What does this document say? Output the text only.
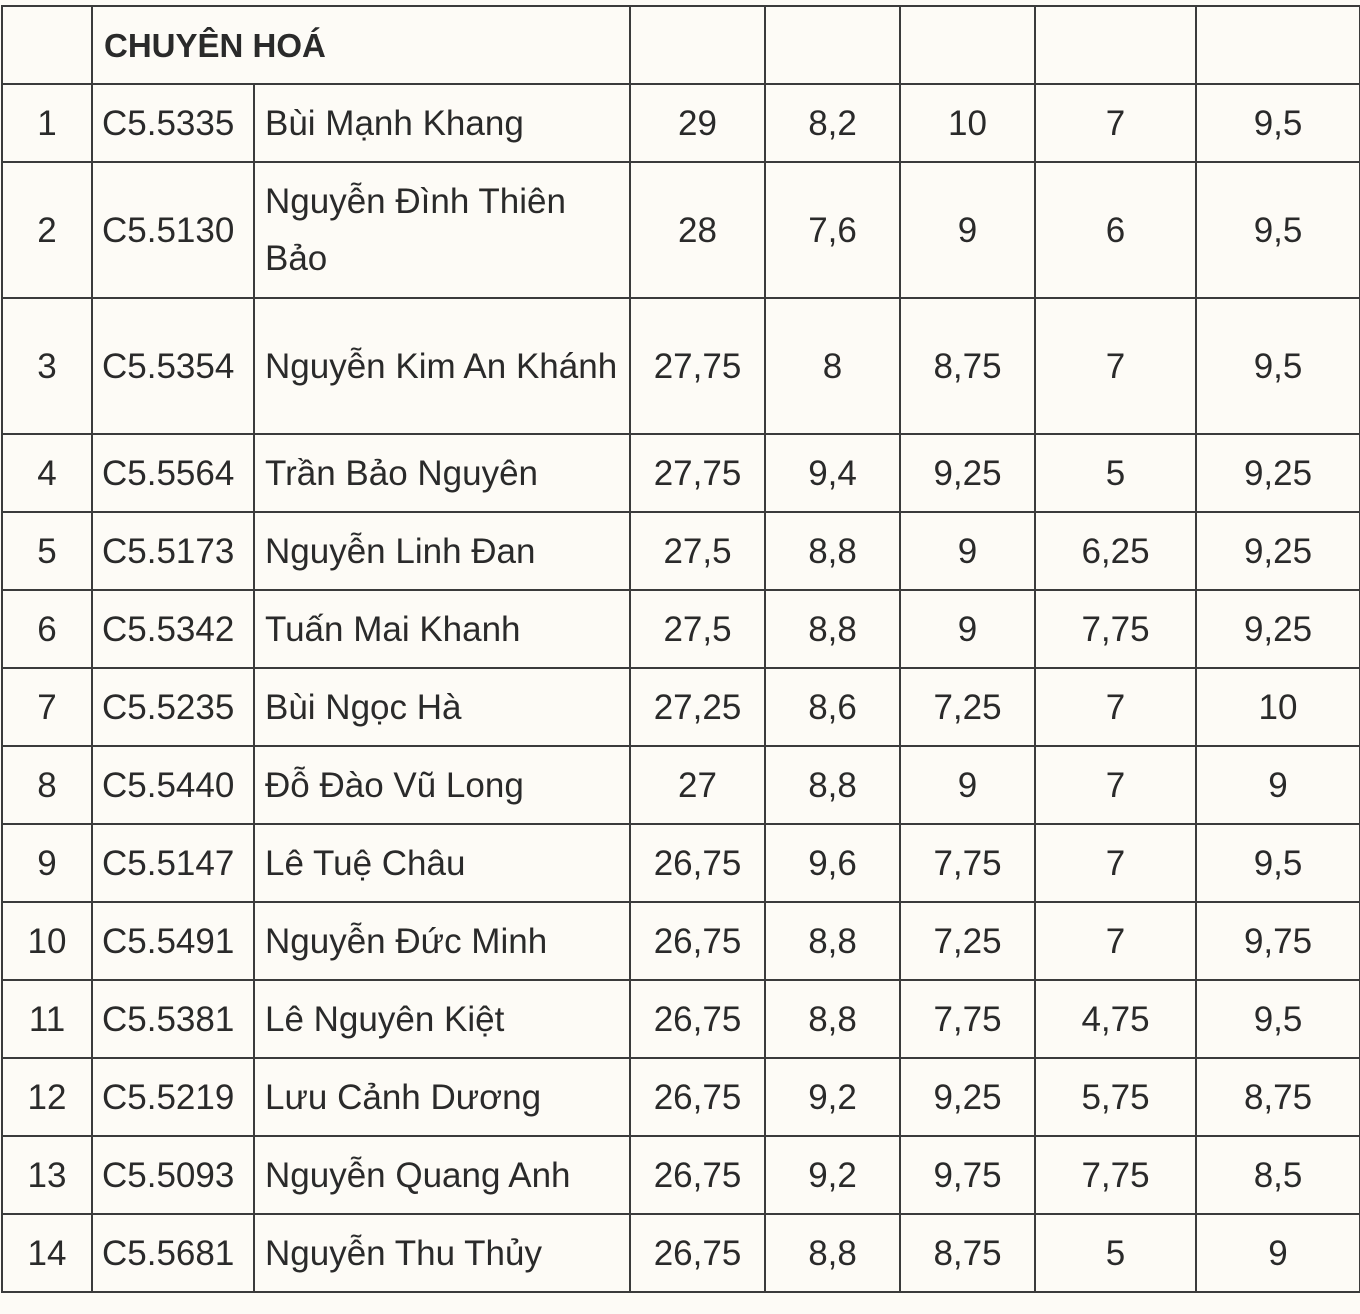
	CHUYÊN HOÁ						
1	C5.5335	Bùi Mạnh Khang	29	8,2	10	7	9,5
2	C5.5130	Nguyễn Đình Thiên Bảo	28	7,6	9	6	9,5
3	C5.5354	Nguyễn Kim An Khánh	27,75	8	8,75	7	9,5
4	C5.5564	Trần Bảo Nguyên	27,75	9,4	9,25	5	9,25
5	C5.5173	Nguyễn Linh Đan	27,5	8,8	9	6,25	9,25
6	C5.5342	Tuấn Mai Khanh	27,5	8,8	9	7,75	9,25
7	C5.5235	Bùi Ngọc Hà	27,25	8,6	7,25	7	10
8	C5.5440	Đỗ Đào Vũ Long	27	8,8	9	7	9
9	C5.5147	Lê Tuệ Châu	26,75	9,6	7,75	7	9,5
10	C5.5491	Nguyễn Đức Minh	26,75	8,8	7,25	7	9,75
11	C5.5381	Lê Nguyên Kiệt	26,75	8,8	7,75	4,75	9,5
12	C5.5219	Lưu Cảnh Dương	26,75	9,2	9,25	5,75	8,75
13	C5.5093	Nguyễn Quang Anh	26,75	9,2	9,75	7,75	8,5
14	C5.5681	Nguyễn Thu Thủy	26,75	8,8	8,75	5	9
